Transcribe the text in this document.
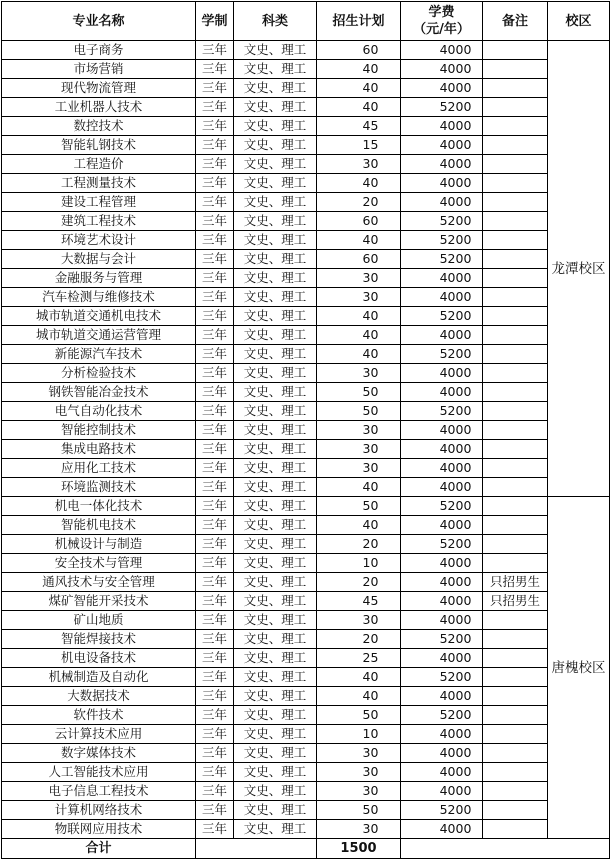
专业名称	学制	科类	招生计划	学费
（元/年）	备注	校区
电子商务	三年	文史、理工	60	4000		龙潭校区
市场营销	三年	文史、理工	40	4000		
现代物流管理	三年	文史、理工	40	4000		
工业机器人技术	三年	文史、理工	40	5200		
数控技术	三年	文史、理工	45	4000		
智能轧钢技术	三年	文史、理工	15	4000		
工程造价	三年	文史、理工	30	4000		
工程测量技术	三年	文史、理工	40	4000		
建设工程管理	三年	文史、理工	20	4000		
建筑工程技术	三年	文史、理工	60	5200		
环境艺术设计	三年	文史、理工	40	5200		
大数据与会计	三年	文史、理工	60	5200		
金融服务与管理	三年	文史、理工	30	4000		
汽车检测与维修技术	三年	文史、理工	30	4000		
城市轨道交通机电技术	三年	文史、理工	40	5200		
城市轨道交通运营管理	三年	文史、理工	40	4000		
新能源汽车技术	三年	文史、理工	40	5200		
分析检验技术	三年	文史、理工	30	4000		
钢铁智能冶金技术	三年	文史、理工	50	4000		
电气自动化技术	三年	文史、理工	50	5200		
智能控制技术	三年	文史、理工	30	4000		
集成电路技术	三年	文史、理工	30	4000		
应用化工技术	三年	文史、理工	30	4000		
环境监测技术	三年	文史、理工	40	4000		
机电一体化技术	三年	文史、理工	50	5200		唐槐校区
智能机电技术	三年	文史、理工	40	4000		
机械设计与制造	三年	文史、理工	20	5200		
安全技术与管理	三年	文史、理工	10	4000		
通风技术与安全管理	三年	文史、理工	20	4000	只招男生	
煤矿智能开采技术	三年	文史、理工	45	4000	只招男生	
矿山地质	三年	文史、理工	30	4000		
智能焊接技术	三年	文史、理工	20	5200		
机电设备技术	三年	文史、理工	25	4000		
机械制造及自动化	三年	文史、理工	40	5200		
大数据技术	三年	文史、理工	40	4000		
软件技术	三年	文史、理工	50	5200		
云计算技术应用	三年	文史、理工	10	4000		
数字媒体技术	三年	文史、理工	30	4000		
人工智能技术应用	三年	文史、理工	30	4000		
电子信息工程技术	三年	文史、理工	30	4000		
计算机网络技术	三年	文史、理工	50	5200		
物联网应用技术	三年	文史、理工	30	4000		
合计			1500			
